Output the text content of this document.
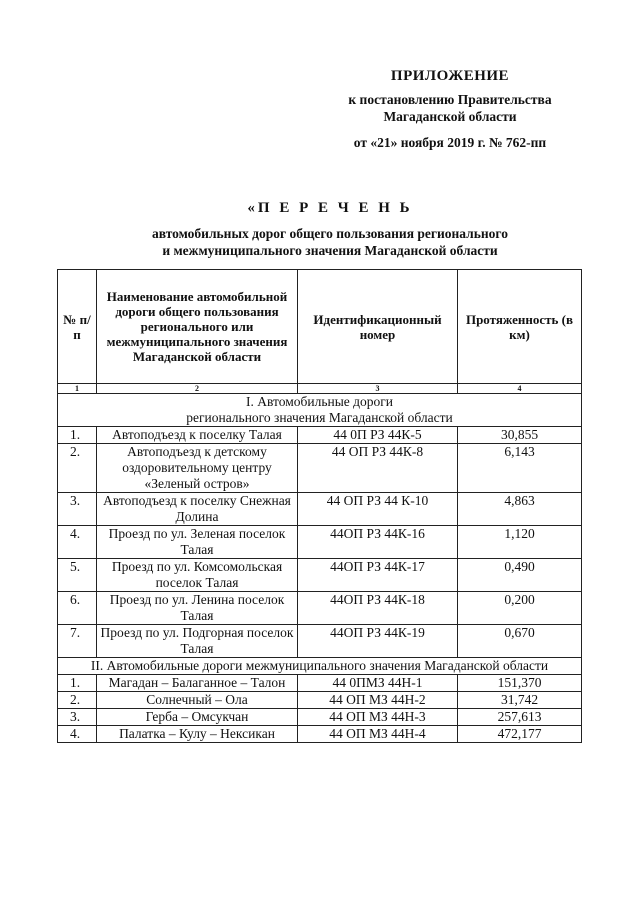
ПРИЛОЖЕНИЕ
к постановлению Правительства
Магаданской области
от «21» ноября 2019 г. № 762-пп
«П Е Р Е Ч Е Н Ь
автомобильных дорог общего пользования регионального
и межмуниципального значения Магаданской области
№ п/п	Наименование автомобильной дороги общего пользования регионального или межмуниципального значения Магаданской области	Идентификационный номер	Протяженность (в км)
1	2	3	4

I. Автомобильные дороги
регионального значения Магаданской области			

1.	Автоподъезд к поселку Талая	44 0П РЗ 44К-5	30,855
2.	Автоподъезд к детскому оздоровительному центру «Зеленый остров»	44 ОП РЗ 44К-8	6,143
3.	Автоподъезд к поселку Снежная Долина	44 ОП РЗ 44 К-10	4,863
4.	Проезд по ул. Зеленая поселок Талая	44ОП РЗ 44К-16	1,120
5.	Проезд по ул. Комсомольская поселок Талая	44ОП РЗ 44К-17	0,490
6.	Проезд по ул. Ленина поселок Талая	44ОП РЗ 44К-18	0,200
7.	Проезд по ул. Подгорная поселок Талая	44ОП РЗ 44К-19	0,670
II. Автомобильные дороги межмуниципального значения Магаданской области			
1.	Магадан – Балаганное – Талон	44 0ПМЗ 44Н-1	151,370
2.	Солнечный – Ола	44 ОП МЗ 44Н-2	31,742
3.	Герба – Омсукчан	44 ОП МЗ 44Н-3	257,613
4.	Палатка – Кулу – Нексикан	44 ОП МЗ 44Н-4	472,177
